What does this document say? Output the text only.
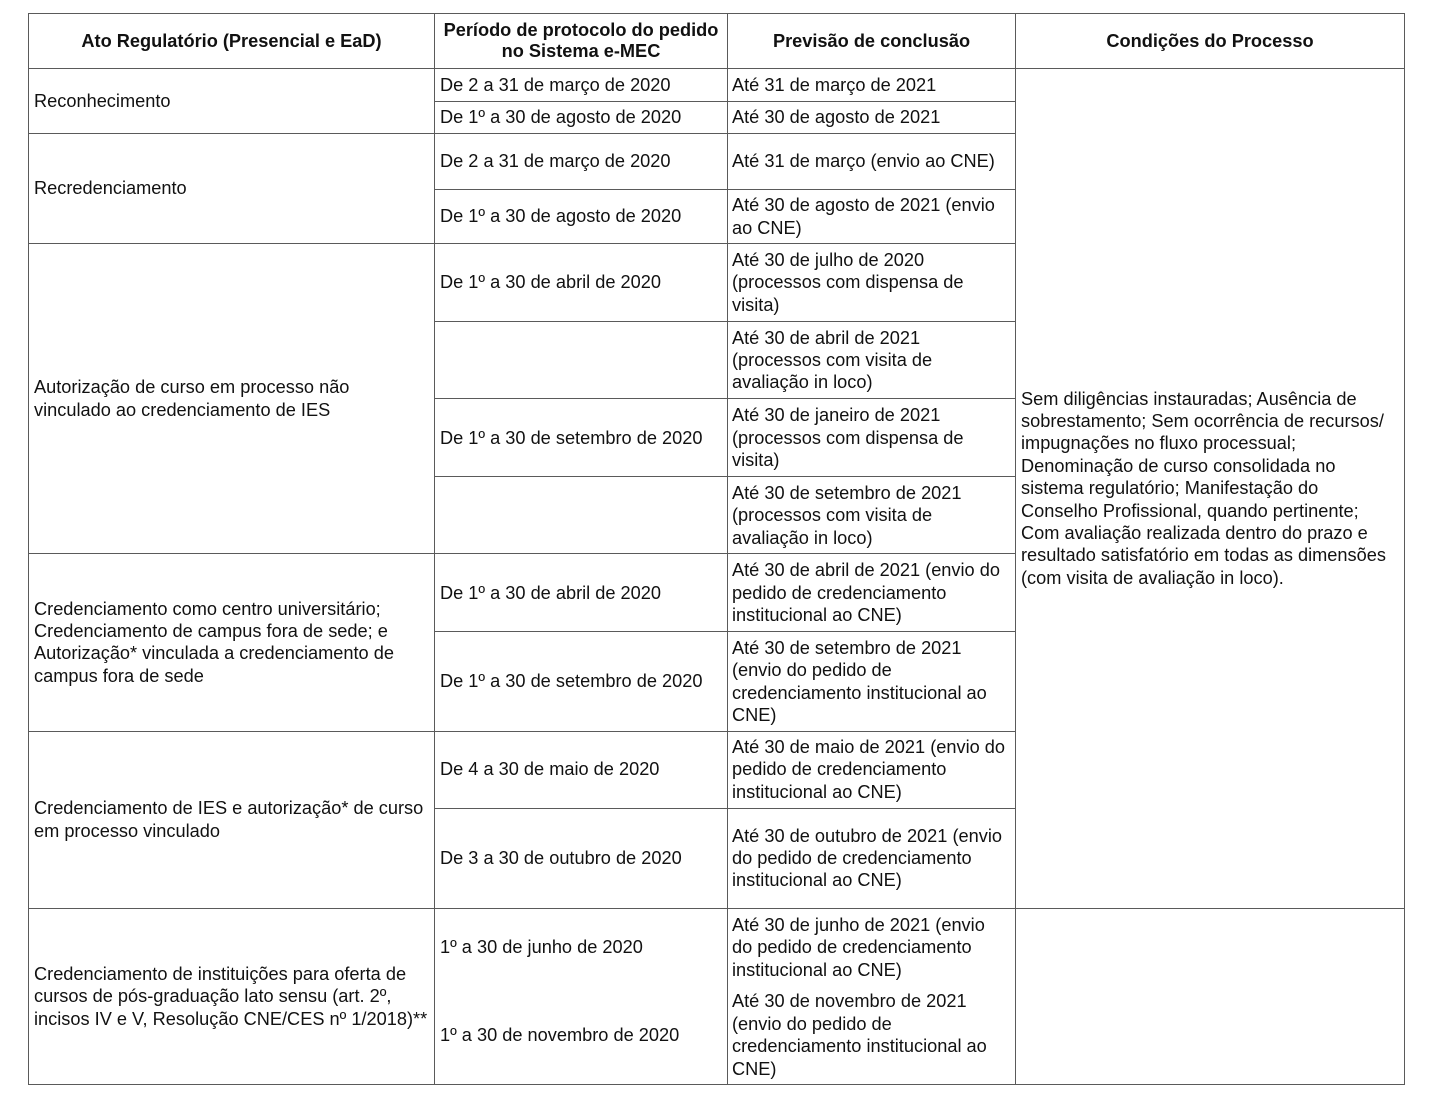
Ato Regulatório (Presencial e EaD)	Período de protocolo do pedido no Sistema e-MEC	Previsão de conclusão	Condições do Processo
Reconhecimento	De 2 a 31 de março de 2020	Até 31 de março de 2021	Sem diligências instauradas; Ausência de sobrestamento; Sem ocorrência de recursos/ impugnações no fluxo processual; Denominação de curso consolidada no sistema regulatório; Manifestação do Conselho Profissional, quando pertinente; Com avaliação realizada dentro do prazo e resultado satisfatório em todas as dimensões (com visita de avaliação in loco).
	De 1º a 30 de agosto de 2020	Até 30 de agosto de 2021	
Recredenciamento	De 2 a 31 de março de 2020	Até 31 de março (envio ao CNE)	
	De 1º a 30 de agosto de 2020	Até 30 de agosto de 2021 (envio ao CNE)	
Autorização de curso em processo não vinculado ao credenciamento de IES	De 1º a 30 de abril de 2020	Até 30 de julho de 2020 (processos com dispensa de visita)	
		Até 30 de abril de 2021 (processos com visita de avaliação in loco)	
	De 1º a 30 de setembro de 2020	Até 30 de janeiro de 2021 (processos com dispensa de visita)	
		Até 30 de setembro de 2021 (processos com visita de avaliação in loco)	
Credenciamento como centro universitário; Credenciamento de campus fora de sede; e Autorização* vinculada a credenciamento de campus fora de sede	De 1º a 30 de abril de 2020	Até 30 de abril de 2021 (envio do pedido de credenciamento institucional ao CNE)	
	De 1º a 30 de setembro de 2020	Até 30 de setembro de 2021 (envio do pedido de credenciamento institucional ao CNE)	
Credenciamento de IES e autorização* de curso em processo vinculado	De 4 a 30 de maio de 2020	Até 30 de maio de 2021 (envio do pedido de credenciamento institucional ao CNE)	
	De 3 a 30 de outubro de 2020	Até 30 de outubro de 2021 (envio do pedido de credenciamento institucional ao CNE)	
Credenciamento de instituições para oferta de cursos de pós-graduação lato sensu (art. 2º, incisos IV e V, Resolução CNE/CES nº 1/2018)**	1º a 30 de junho de 2020	Até 30 de junho de 2021 (envio do pedido de credenciamento institucional ao CNE)	
	1º a 30 de novembro de 2020	Até 30 de novembro de 2021 (envio do pedido de credenciamento institucional ao CNE)	
